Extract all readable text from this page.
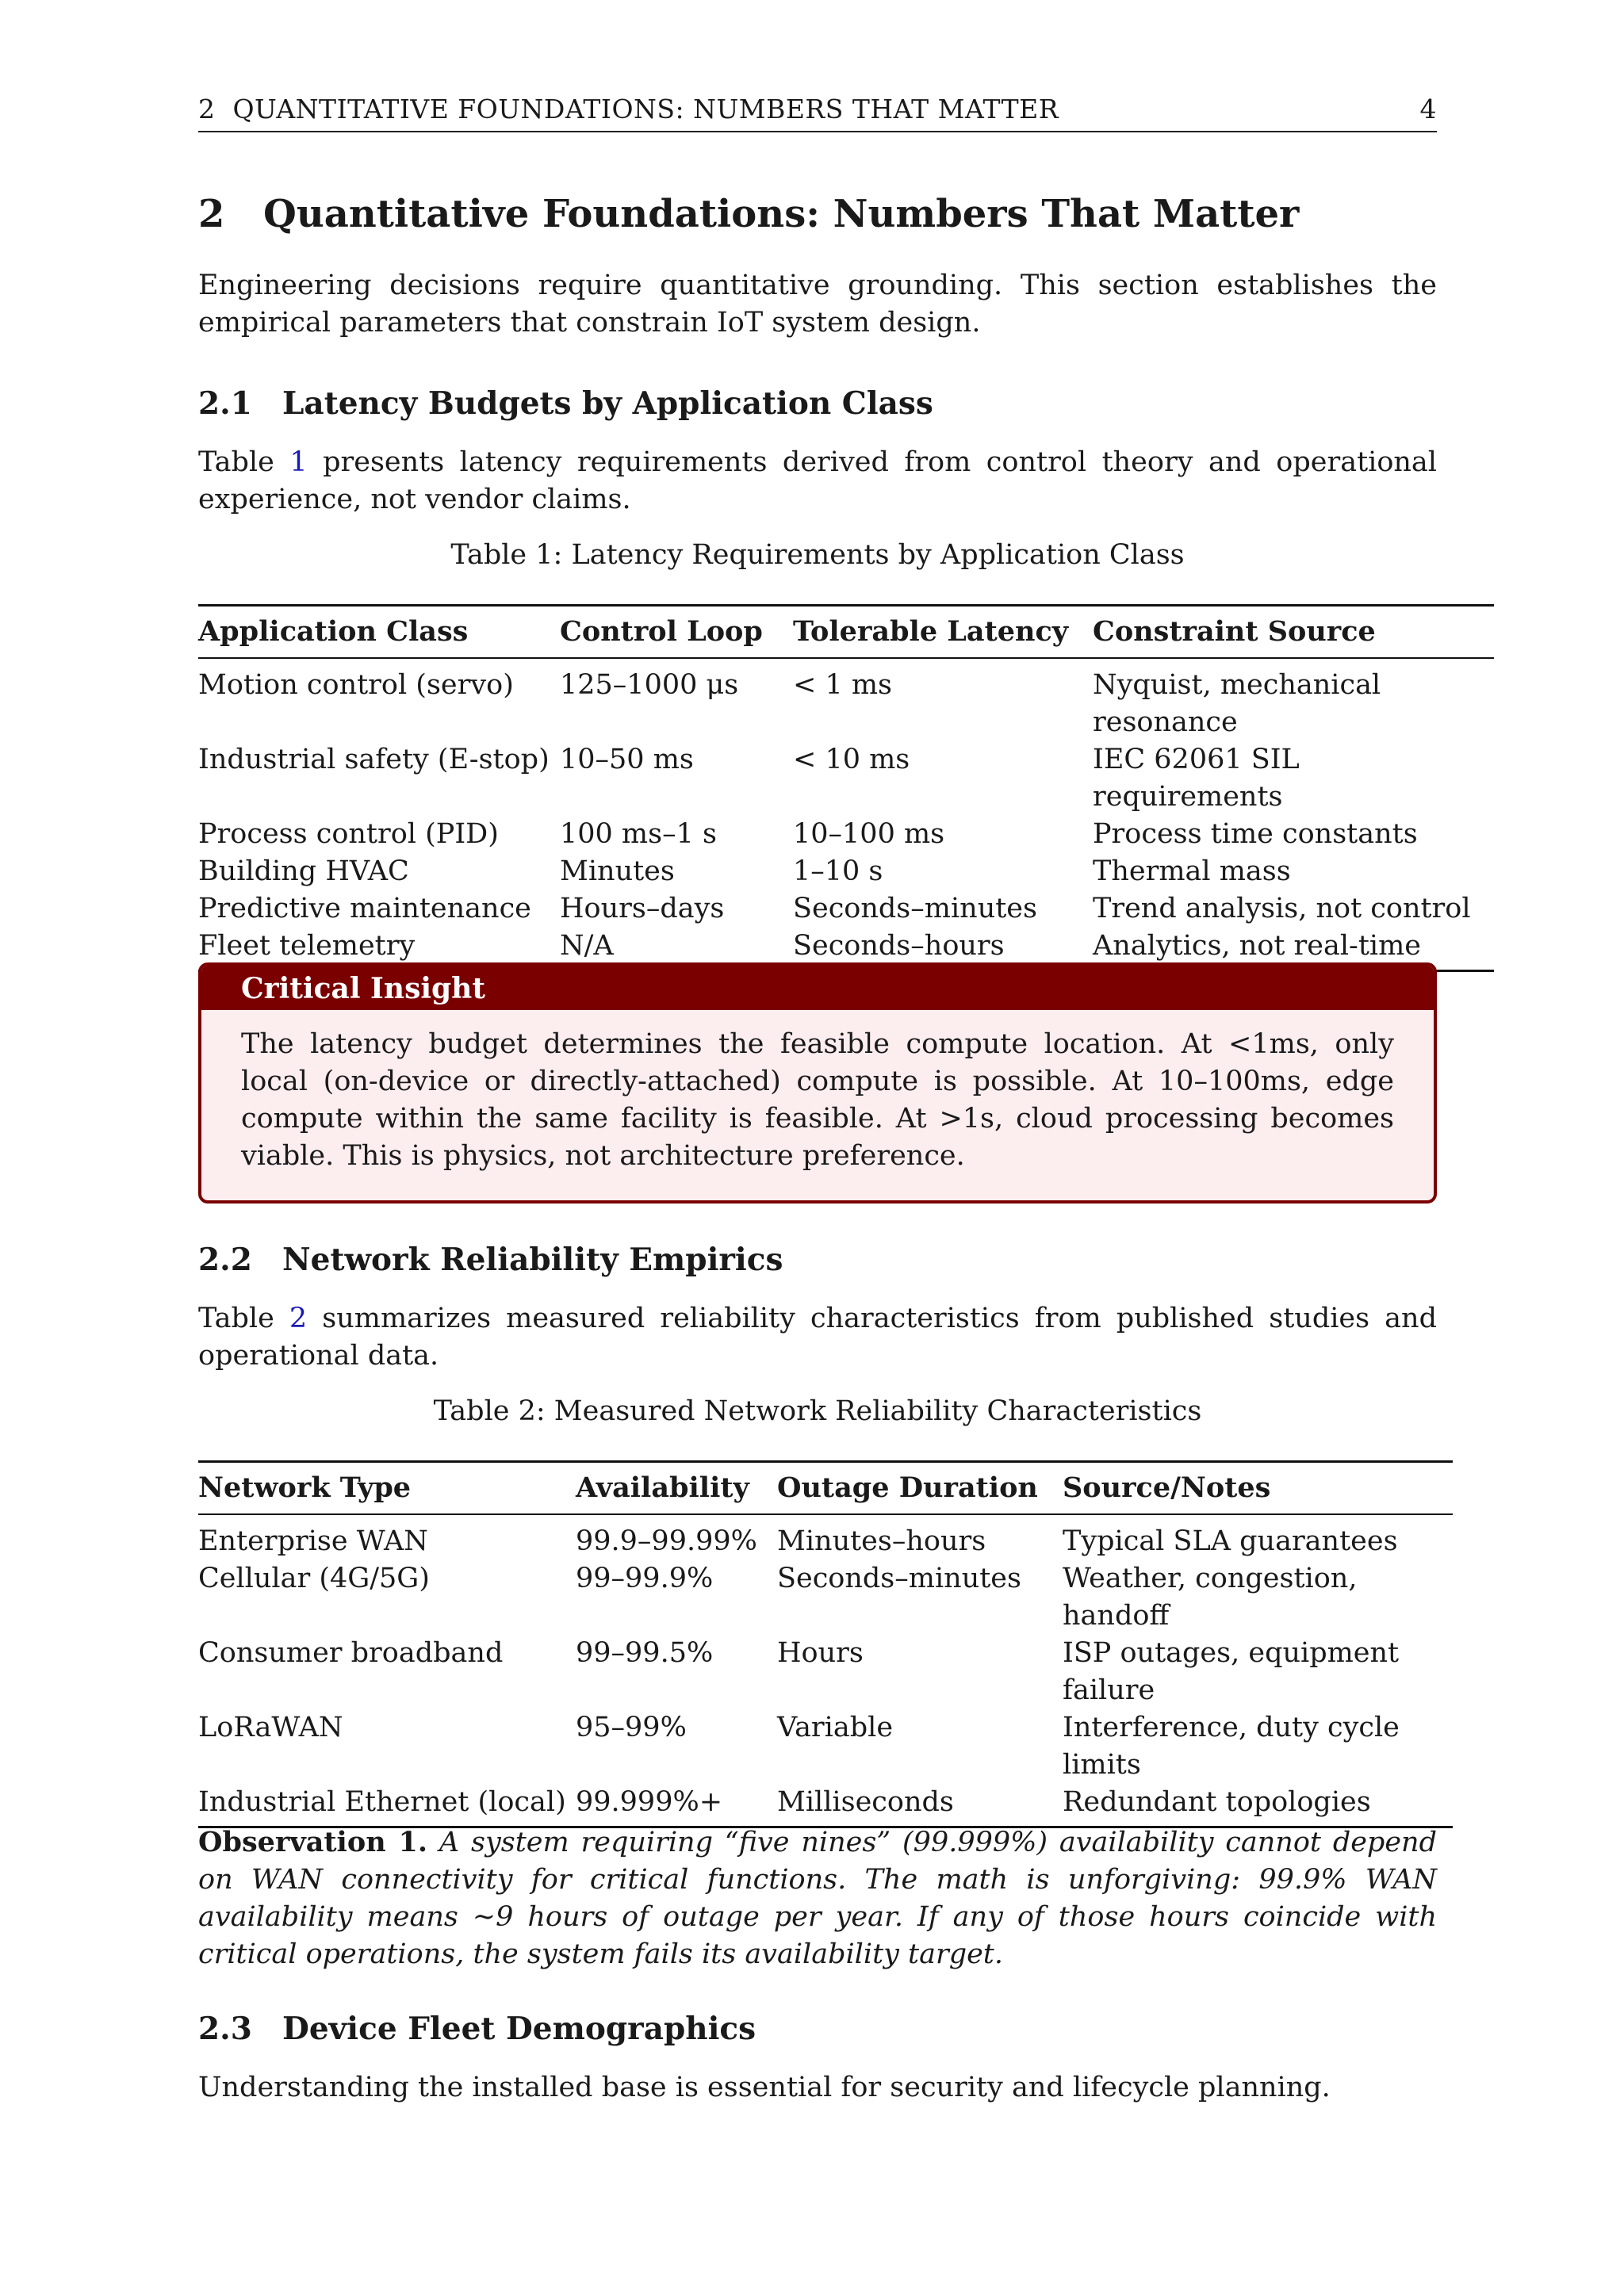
2 QUANTITATIVE FOUNDATIONS: NUMBERS THAT MATTER	4
2 Quantitative Foundations: Numbers That Matter

Engineering decisions require quantitative grounding. This section establishes the empirical parameters that constrain IoT system design.

2.1 Latency Budgets by Application Class

Table 1 presents latency requirements derived from control theory and operational experience, not vendor claims.

Table 1: Latency Requirements by Application Class

Application Class	Control Loop	Tolerable Latency	Constraint Source
Motion control (servo)	125–1000 μs	< 1 ms	Nyquist, mechanical resonance
Industrial safety (E-stop)	10–50 ms	< 10 ms	IEC 62061 SIL requirements
Process control (PID)	100 ms–1 s	10–100 ms	Process time constants
Building HVAC	Minutes	1–10 s	Thermal mass
Predictive maintenance	Hours–days	Seconds–minutes	Trend analysis, not control
Fleet telemetry	N/A	Seconds–hours	Analytics, not real-time
Critical Insight
The latency budget determines the feasible compute location. At <1ms, only local (on-device or directly-attached) compute is possible. At 10–100ms, edge compute within the same facility is feasible. At >1s, cloud processing becomes viable. This is physics, not architecture preference.
2.2 Network Reliability Empirics

Table 2 summarizes measured reliability characteristics from published studies and operational data.

Table 2: Measured Network Reliability Characteristics

Network Type	Availability	Outage Duration	Source/Notes
Enterprise WAN	99.9–99.99%	Minutes–hours	Typical SLA guarantees
Cellular (4G/5G)	99–99.9%	Seconds–minutes	Weather, congestion, handoff
Consumer broadband	99–99.5%	Hours	ISP outages, equipment failure
LoRaWAN	95–99%	Variable	Interference, duty cycle limits
Industrial Ethernet (local)	99.999%+	Milliseconds	Redundant topologies

Observation 1. A system requiring “five nines” (99.999%) availability cannot depend on WAN connectivity for critical functions. The math is unforgiving: 99.9% WAN availability means ∼9 hours of outage per year. If any of those hours coincide with critical operations, the system fails its availability target.

2.3 Device Fleet Demographics

Understanding the installed base is essential for security and lifecycle planning.
